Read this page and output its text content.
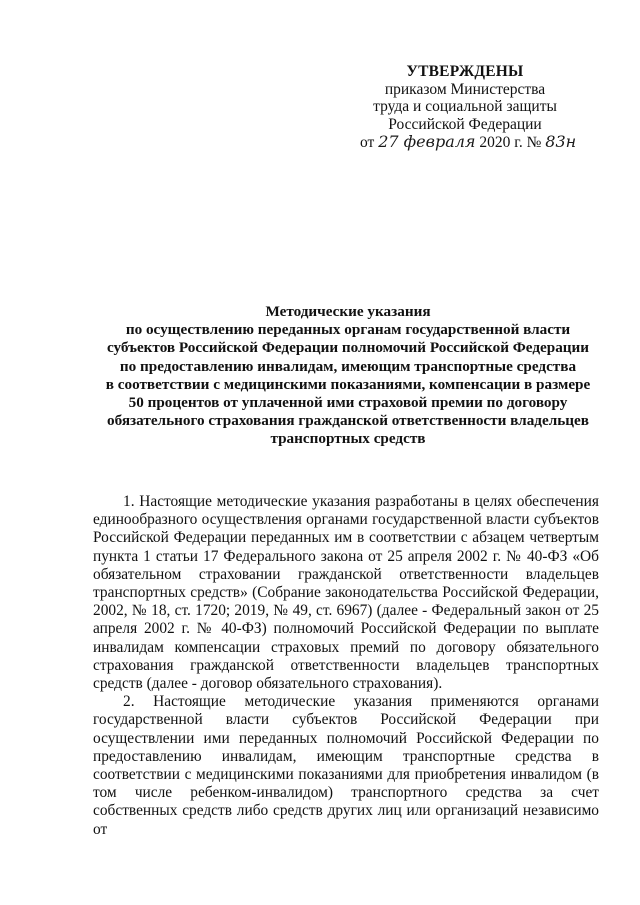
УТВЕРЖДЕНЫ
приказом Министерства
труда и социальной защиты
Российской Федерации
от 27 февраля 2020 г. № 83н
Методические указания
по осуществлению переданных органам государственной власти
субъектов Российской Федерации полномочий Российской Федерации
по предоставлению инвалидам, имеющим транспортные средства
в соответствии с медицинскими показаниями, компенсации в размере
50 процентов от уплаченной ими страховой премии по договору
обязательного страхования гражданской ответственности владельцев
транспортных средств

1. Настоящие методические указания разработаны в целях обеспечения единообразного осуществления органами государственной власти субъектов Российской Федерации переданных им в соответствии с абзацем четвертым пункта 1 статьи 17 Федерального закона от 25 апреля 2002 г. № 40-ФЗ «Об обязательном страховании гражданской ответственности владельцев транспортных средств» (Собрание законодательства Российской Федерации, 2002, № 18, ст. 1720; 2019, № 49, ст. 6967) (далее - Федеральный закон от 25 апреля 2002 г. № 40-ФЗ) полномочий Российской Федерации по выплате инвалидам компенсации страховых премий по договору обязательного страхования гражданской ответственности владельцев транспортных средств (далее - договор обязательного страхования).

2. Настоящие методические указания применяются органами государственной власти субъектов Российской Федерации при осуществлении ими переданных полномочий Российской Федерации по предоставлению инвалидам, имеющим транспортные средства в соответствии с медицинскими показаниями для приобретения инвалидом (в том числе ребенком-инвалидом) транспортного средства за счет собственных средств либо средств других лиц или организаций независимо от
